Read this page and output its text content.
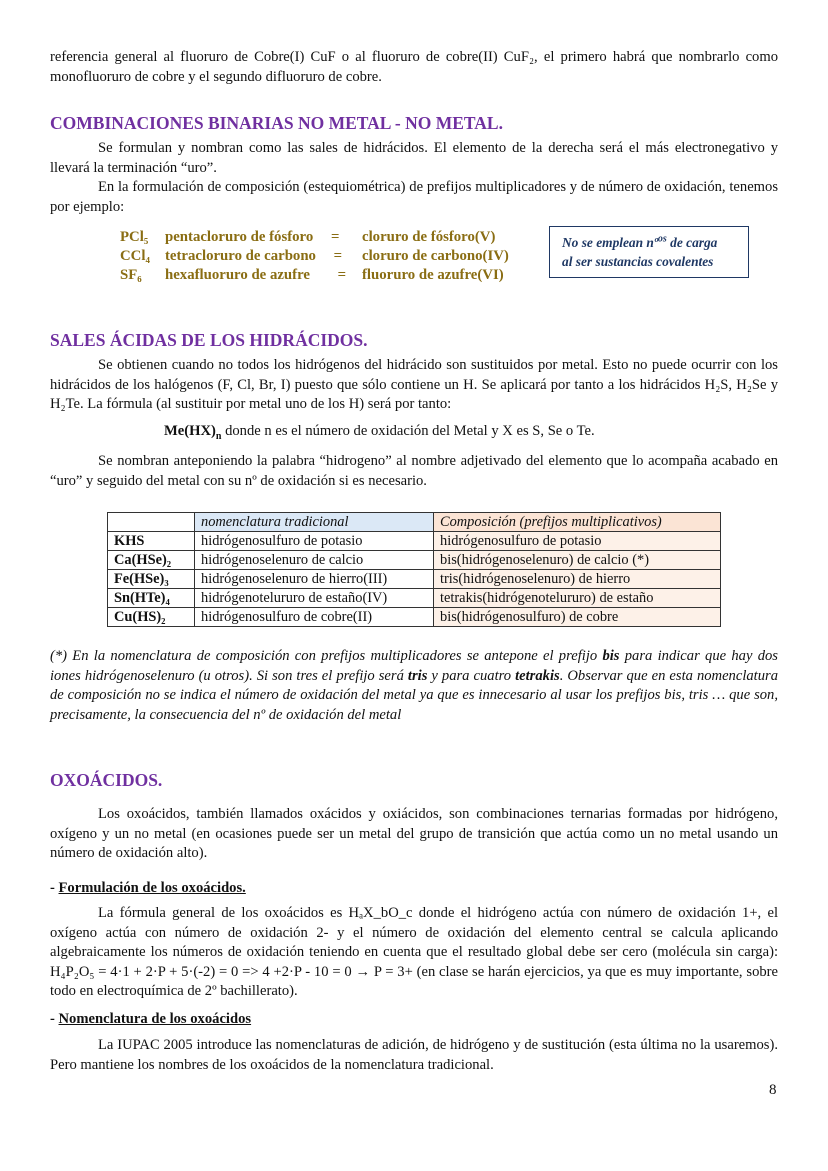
referencia general al fluoruro de Cobre(I) CuF o al fluoruro de cobre(II) CuF₂, el primero habrá que nombrarlo como monofluoruro de cobre y el segundo difluoruro de cobre.

COMBINACIONES BINARIAS NO METAL - NO METAL.

Se formulan y nombran como las sales de hidrácidos. El elemento de la derecha será el más electronegativo y llevará la terminación “uro”.

En la formulación de composición (estequiométrica) de prefijos multiplicadores y de número de oxidación, tenemos por ejemplo:

PCl₅	pentacloruro de fósforo =	cloruro de fósforo(V)
CCl₄	tetracloruro de carbono =	cloruro de carbono(IV)
SF₆	hexafluoruro de azufre =	fluoruro de azufre(VI)
No se emplean nº$^{os}$ de carga
al ser sustancias covalentes
SALES ÁCIDAS DE LOS HIDRÁCIDOS.

Se obtienen cuando no todos los hidrógenos del hidrácido son sustituidos por metal. Esto no puede ocurrir con los hidrácidos de los halógenos (F, Cl, Br, I) puesto que sólo contiene un H. Se aplicará por tanto a los hidrácidos H₂S, H₂Se y H₂Te. La fórmula (al sustituir por metal uno de los H) será por tanto:

$Me(HX)_n$ donde n es el número de oxidación del Metal y X es S, Se o Te.

Se nombran anteponiendo la palabra “hidrogeno” al nombre adjetivado del elemento que lo acompaña acabado en “uro” y seguido del metal con su nº de oxidación si es necesario.

	nomenclatura tradicional	Composición (prefijos multiplicativos)
KHS	hidrógenosulfuro de potasio	hidrógenosulfuro de potasio
Ca(HSe)₂	hidrógenoselenuro de calcio	bis(hidrógenoselenuro) de calcio (*)
Fe(HSe)₃	hidrógenoselenuro de hierro(III)	tris(hidrógenoselenuro) de hierro
Sn(HTe)₄	hidrógenotelururo de estaño(IV)	tetrakis(hidrógenotelururo) de estaño
Cu(HS)₂	hidrógenosulfuro de cobre(II)	bis(hidrógenosulfuro) de cobre

(*) En la nomenclatura de composición con prefijos multiplicadores se antepone el prefijo bis para indicar que hay dos iones hidrógenoselenuro (u otros). Si son tres el prefijo será tris y para cuatro tetrakis. Observar que en esta nomenclatura de composición no se indica el número de oxidación del metal ya que es innecesario al usar los prefijos bis, tris … que son, precisamente, la consecuencia del nº de oxidación del metal

OXOÁCIDOS.

Los oxoácidos, también llamados oxácidos y oxiácidos, son combinaciones ternarias formadas por hidrógeno, oxígeno y un no metal (en ocasiones puede ser un metal del grupo de transición que actúa como un no metal usando un número de oxidación alto).

- Formulación de los oxoácidos.

La fórmula general de los oxoácidos es HₐX_bO_c donde el hidrógeno actúa con número de oxidación 1+, el oxígeno actúa con número de oxidación 2- y el número de oxidación del elemento central se calcula aplicando algebraicamente los números de oxidación teniendo en cuenta que el resultado global debe ser cero (molécula sin carga): H₄P₂O₅ = 4·1 + 2·P + 5·(-2) = 0 => 4 +2·P - 10 = 0 → P = 3+ (en clase se harán ejercicios, ya que es muy importante, sobre todo en electroquímica de 2º bachillerato).

- Nomenclatura de los oxoácidos

La IUPAC 2005 introduce las nomenclaturas de adición, de hidrógeno y de sustitución (esta última no la usaremos). Pero mantiene los nombres de los oxoácidos de la nomenclatura tradicional.

8
